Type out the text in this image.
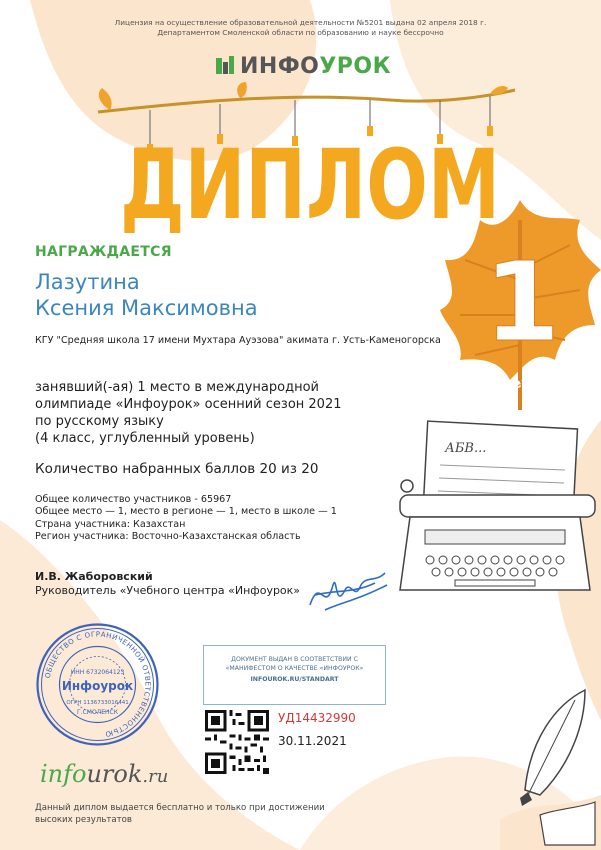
Лицензия на осуществление образовательной деятельности №5201 выдана 02 апреля 2018 г.
Департаментом Смоленской области по образованию и науке бессрочно
ИНФОУРОК
ДИПЛОМ
1
степени
НАГРАЖДАЕТСЯ
Лазутина
Ксения Максимовна
КГУ "Средняя школа 17 имени Мухтара Ауэзова" акимата г. Усть-Каменогорска
занявший(-ая) 1 место в международной
олимпиаде «Инфоурок» осенний сезон 2021
по русскому языку
(4 класс, углубленный уровень)
Количество набранных баллов 20 из 20
Общее количество участников - 65967
Общее место — 1, место в регионе — 1, место в школе — 1
Страна участника: Казахстан
Регион участника: Восточно-Казахстанская область
АБВ...
И.В. Жаборовский
Руководитель «Учебного центра «Инфоурок»
ОБЩЕСТВО С ОГРАНИЧЕННОЙ ОТВЕТСТВЕННОСТЬЮ
ИНН 6732064123
Инфоурок
ОГРН 1136733016441
Г.СМОЛЕНСК
ДОКУМЕНТ ВЫДАН В СООТВЕТСТВИИ С
«МАНИФЕСТОМ О КАЧЕСТВЕ «ИНФОУРОК»
INFOUROK.RU/STANDART
УД14432990
30.11.2021
infourok.ru
Данный диплом выдается бесплатно и только при достижении
высоких результатов
